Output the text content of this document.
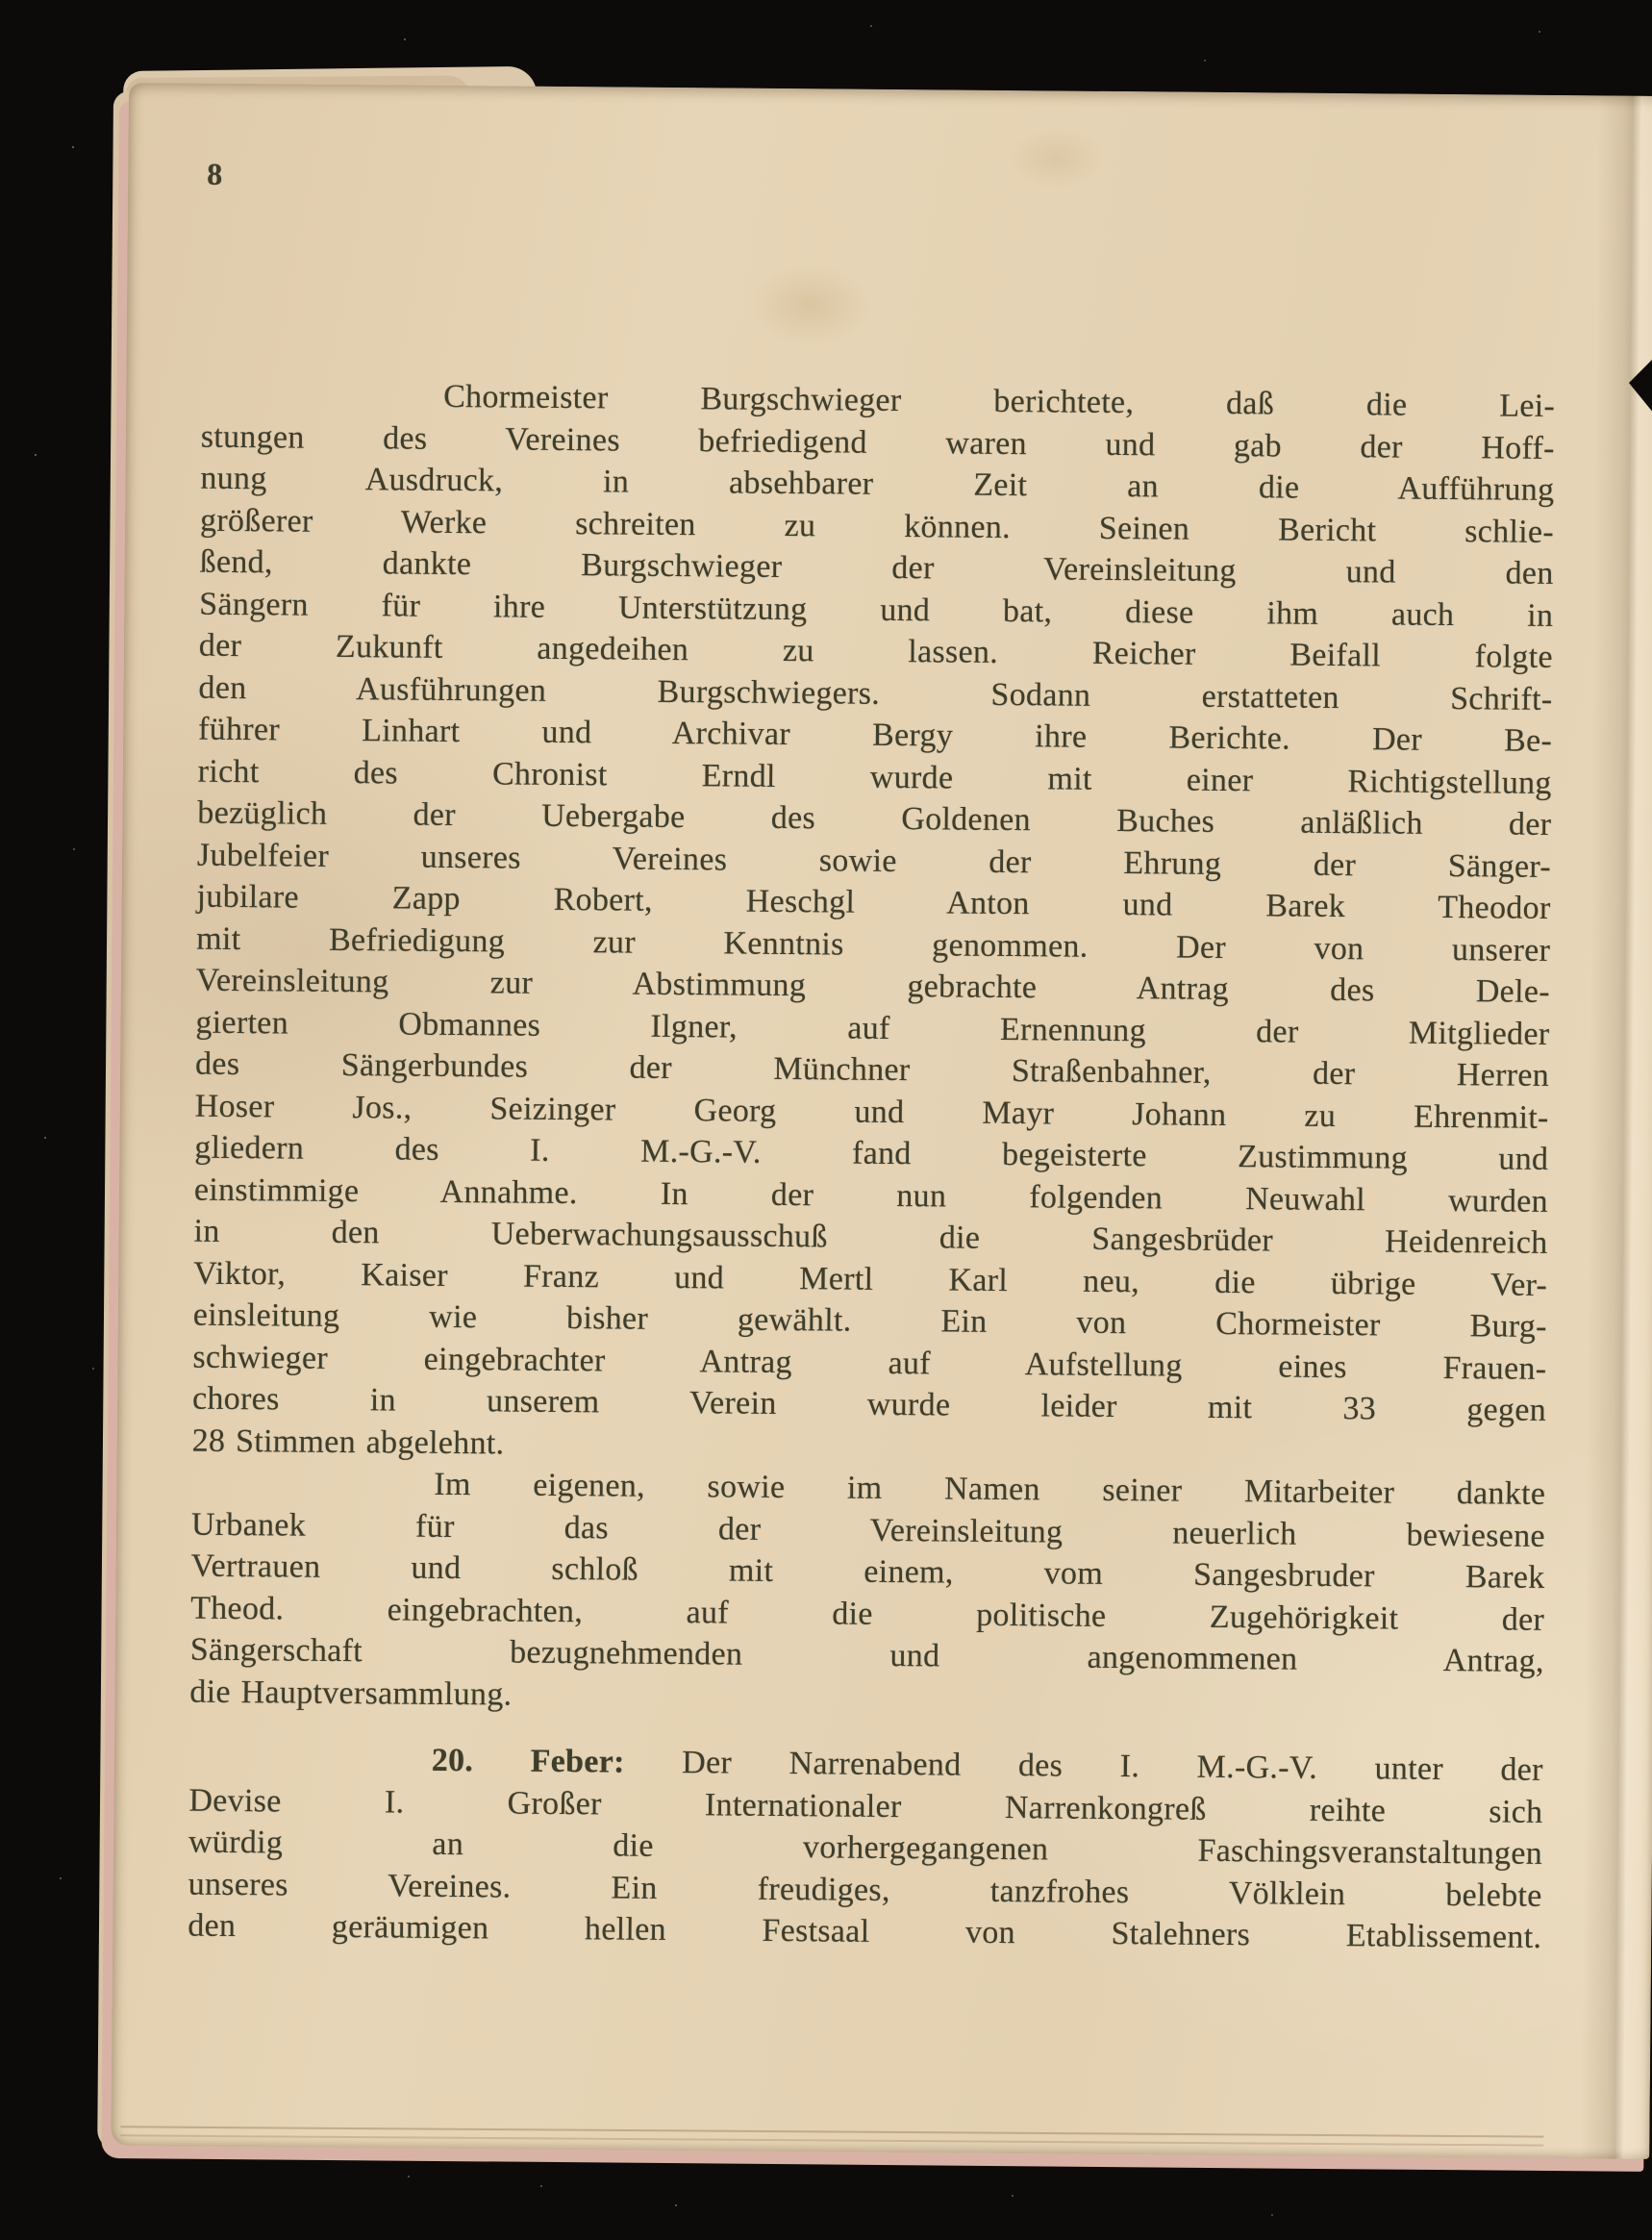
8
Chormeister Burgschwieger berichtete, daß die Lei-
stungen des Vereines befriedigend waren und gab der Hoff-
nung Ausdruck, in absehbarer Zeit an die Aufführung
größerer Werke schreiten zu können. Seinen Bericht schlie-
ßend, dankte Burgschwieger der Vereinsleitung und den
Sängern für ihre Unterstützung und bat, diese ihm auch in
der Zukunft angedeihen zu lassen. Reicher Beifall folgte
den Ausführungen Burgschwiegers. Sodann erstatteten Schrift-
führer Linhart und Archivar Bergy ihre Berichte. Der Be-
richt des Chronist Erndl wurde mit einer Richtigstellung
bezüglich der Uebergabe des Goldenen Buches anläßlich der
Jubelfeier unseres Vereines sowie der Ehrung der Sänger-
jubilare Zapp Robert, Heschgl Anton und Barek Theodor
mit Befriedigung zur Kenntnis genommen. Der von unserer
Vereinsleitung zur Abstimmung gebrachte Antrag des Dele-
gierten Obmannes Ilgner, auf Ernennung der Mitglieder
des Sängerbundes der Münchner Straßenbahner, der Herren
Hoser Jos., Seizinger Georg und Mayr Johann zu Ehrenmit-
gliedern des I. M.-G.-V. fand begeisterte Zustimmung und
einstimmige Annahme. In der nun folgenden Neuwahl wurden
in den Ueberwachungsausschuß die Sangesbrüder Heidenreich
Viktor, Kaiser Franz und Mertl Karl neu, die übrige Ver-
einsleitung wie bisher gewählt. Ein von Chormeister Burg-
schwieger eingebrachter Antrag auf Aufstellung eines Frauen-
chores in unserem Verein wurde leider mit 33 gegen
28 Stimmen abgelehnt.
Im eigenen, sowie im Namen seiner Mitarbeiter dankte
Urbanek für das der Vereinsleitung neuerlich bewiesene
Vertrauen und schloß mit einem, vom Sangesbruder Barek
Theod. eingebrachten, auf die politische Zugehörigkeit der
Sängerschaft bezugnehmenden und angenommenen Antrag,
die Hauptversammlung.
20. Feber: Der Narrenabend des I. M.-G.-V. unter der
Devise I. Großer Internationaler Narrenkongreß reihte sich
würdig an die vorhergegangenen Faschingsveranstaltungen
unseres Vereines. Ein freudiges, tanzfrohes Völklein belebte
den geräumigen hellen Festsaal von Stalehners Etablissement.
